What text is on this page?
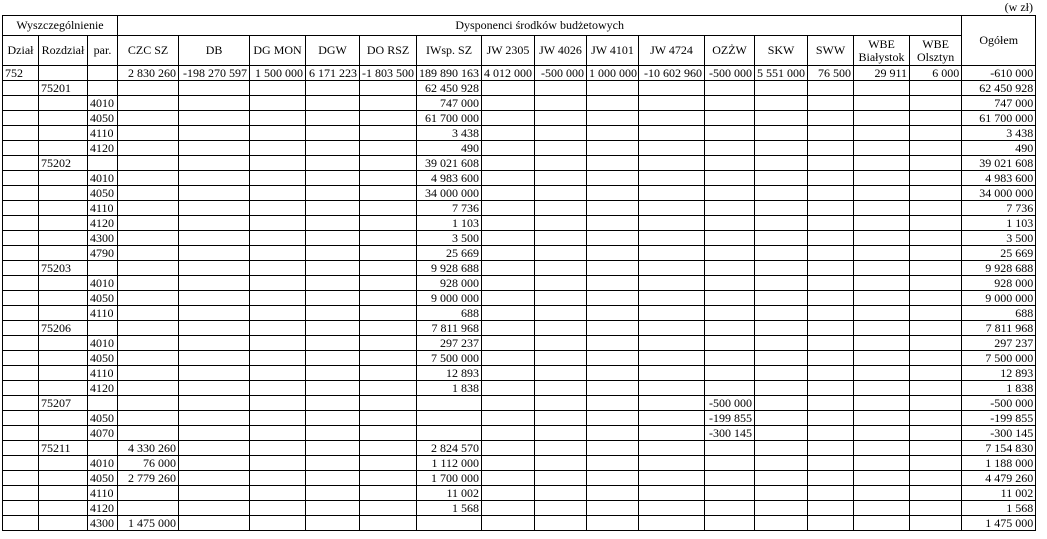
(w zł)
Wyszczególnienie			Dysponenci środków budżetowych															Ogółem
Dział	Rozdział	par.	CZC SZ	DB	DG MON	DGW	DO RSZ	IWsp. SZ	JW 2305	JW 4026	JW 4101	JW 4724	OZŻW	SKW	SWW	WBE Białystok	WBE Olsztyn	
752			2 830 260	-198 270 597	1 500 000	6 171 223	-1 803 500	189 890 163	4 012 000	-500 000	1 000 000	-10 602 960	-500 000	5 551 000	76 500	29 911	6 000	-610 000
	75201							62 450 928										62 450 928
		4010						747 000										747 000
		4050						61 700 000										61 700 000
		4110						3 438										3 438
		4120						490										490
	75202							39 021 608										39 021 608
		4010						4 983 600										4 983 600
		4050						34 000 000										34 000 000
		4110						7 736										7 736
		4120						1 103										1 103
		4300						3 500										3 500
		4790						25 669										25 669
	75203							9 928 688										9 928 688
		4010						928 000										928 000
		4050						9 000 000										9 000 000
		4110						688										688
	75206							7 811 968										7 811 968
		4010						297 237										297 237
		4050						7 500 000										7 500 000
		4110						12 893										12 893
		4120						1 838										1 838
	75207												-500 000					-500 000
		4050											-199 855					-199 855
		4070											-300 145					-300 145
	75211		4 330 260					2 824 570										7 154 830
		4010	76 000					1 112 000										1 188 000
		4050	2 779 260					1 700 000										4 479 260
		4110						11 002										11 002
		4120						1 568										1 568
		4300	1 475 000															1 475 000
